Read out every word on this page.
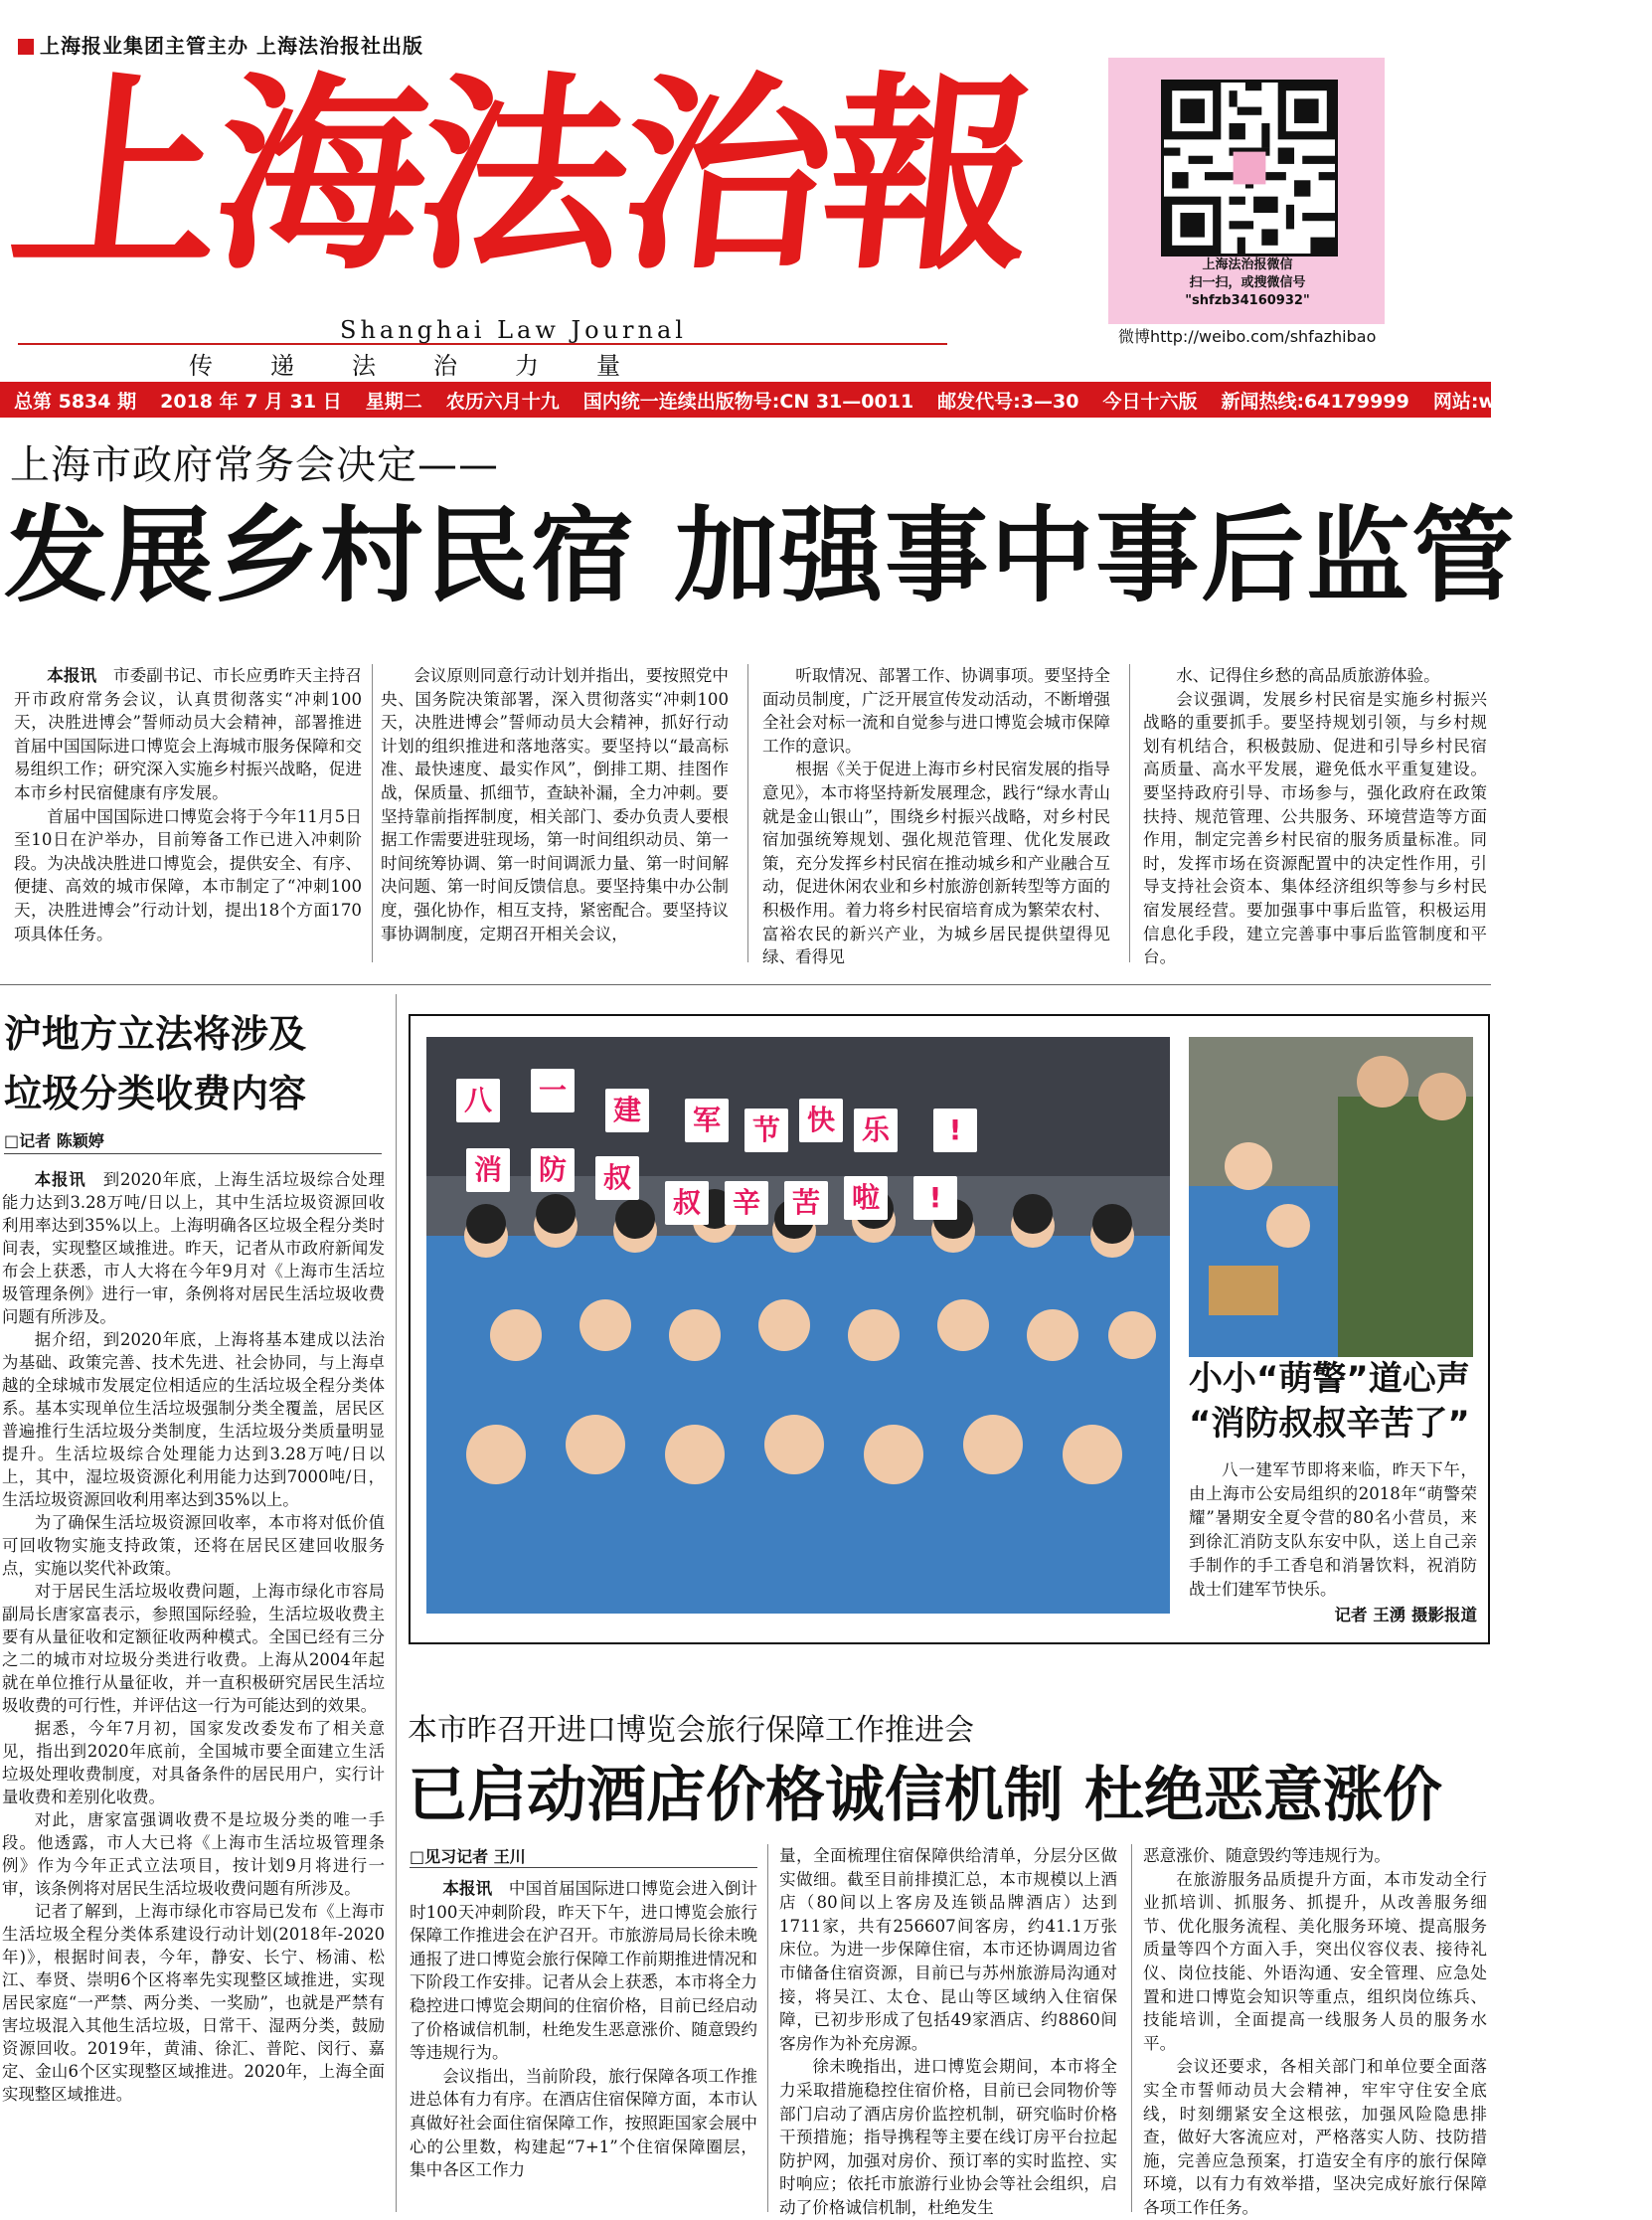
上海报业集团主管主办 上海法治报社出版
上海法治報
Shanghai Law Journal
传递法治力量
上海法治报微信
扫一扫，或搜微信号
"shfzb34160932"
微博http://weibo.com/shfazhibao
总第 5834 期 2018 年 7 月 31 日 星期二 农历六月十九 国内统一连续出版物号:CN 31—0011 邮发代号:3—30 今日十六版 新闻热线:64179999 网站:www.jfdaily.com
上海市政府常务会决定——
发展乡村民宿 加强事中事后监管

本报讯　 市委副书记、市长应勇昨天主持召开市政府常务会议，认真贯彻落实“冲刺100天，决胜进博会”誓师动员大会精神，部署推进首届中国国际进口博览会上海城市服务保障和交易组织工作；研究深入实施乡村振兴战略，促进本市乡村民宿健康有序发展。

首届中国国际进口博览会将于今年11月5日至10日在沪举办，目前筹备工作已进入冲刺阶段。为决战决胜进口博览会，提供安全、有序、便捷、高效的城市保障，本市制定了“冲刺100天，决胜进博会”行动计划，提出18个方面170项具体任务。

会议原则同意行动计划并指出，要按照党中央、国务院决策部署，深入贯彻落实“冲刺100天，决胜进博会”誓师动员大会精神，抓好行动计划的组织推进和落地落实。要坚持以“最高标准、最快速度、最实作风”，倒排工期、挂图作战，保质量、抓细节，查缺补漏，全力冲刺。要坚持靠前指挥制度，相关部门、委办负责人要根据工作需要进驻现场，第一时间组织动员、第一时间统筹协调、第一时间调派力量、第一时间解决问题、第一时间反馈信息。要坚持集中办公制度，强化协作，相互支持，紧密配合。要坚持议事协调制度，定期召开相关会议，

听取情况、部署工作、协调事项。要坚持全面动员制度，广泛开展宣传发动活动，不断增强全社会对标一流和自觉参与进口博览会城市保障工作的意识。

根据《关于促进上海市乡村民宿发展的指导意见》，本市将坚持新发展理念，践行“绿水青山就是金山银山”，围绕乡村振兴战略，对乡村民宿加强统筹规划、强化规范管理、优化发展政策，充分发挥乡村民宿在推动城乡和产业融合互动，促进休闲农业和乡村旅游创新转型等方面的积极作用。着力将乡村民宿培育成为繁荣农村、富裕农民的新兴产业，为城乡居民提供望得见绿、看得见

水、记得住乡愁的高品质旅游体验。

会议强调，发展乡村民宿是实施乡村振兴战略的重要抓手。要坚持规划引领，与乡村规划有机结合，积极鼓励、促进和引导乡村民宿高质量、高水平发展，避免低水平重复建设。要坚持政府引导、市场参与，强化政府在政策扶持、规范管理、公共服务、环境营造等方面作用，制定完善乡村民宿的服务质量标准。同时，发挥市场在资源配置中的决定性作用，引导支持社会资本、集体经济组织等参与乡村民宿发展经营。要加强事中事后监管，积极运用信息化手段，建立完善事中事后监管制度和平台。

沪地方立法将涉及
垃圾分类收费内容
□记者 陈颖婷

本报讯　 到2020年底，上海生活垃圾综合处理能力达到3.28万吨/日以上，其中生活垃圾资源回收利用率达到35%以上。上海明确各区垃圾全程分类时间表，实现整区域推进。昨天，记者从市政府新闻发布会上获悉，市人大将在今年9月对《上海市生活垃圾管理条例》进行一审，条例将对居民生活垃圾收费问题有所涉及。

据介绍，到2020年底，上海将基本建成以法治为基础、政策完善、技术先进、社会协同，与上海卓越的全球城市发展定位相适应的生活垃圾全程分类体系。基本实现单位生活垃圾强制分类全覆盖，居民区普遍推行生活垃圾分类制度，生活垃圾分类质量明显提升。生活垃圾综合处理能力达到3.28万吨/日以上，其中，湿垃圾资源化利用能力达到7000吨/日，生活垃圾资源回收利用率达到35%以上。

为了确保生活垃圾资源回收率，本市将对低价值可回收物实施支持政策，还将在居民区建回收服务点，实施以奖代补政策。

对于居民生活垃圾收费问题，上海市绿化市容局副局长唐家富表示，参照国际经验，生活垃圾收费主要有从量征收和定额征收两种模式。全国已经有三分之二的城市对垃圾分类进行收费。上海从2004年起就在单位推行从量征收，并一直积极研究居民生活垃圾收费的可行性，并评估这一行为可能达到的效果。

据悉，今年7月初，国家发改委发布了相关意见，指出到2020年底前，全国城市要全面建立生活垃圾处理收费制度，对具备条件的居民用户，实行计量收费和差别化收费。

对此，唐家富强调收费不是垃圾分类的唯一手段。他透露，市人大已将《上海市生活垃圾管理条例》作为今年正式立法项目，按计划9月将进行一审，该条例将对居民生活垃圾收费问题有所涉及。

记者了解到，上海市绿化市容局已发布《上海市生活垃圾全程分类体系建设行动计划(2018年-2020年)》，根据时间表，今年，静安、长宁、杨浦、松江、奉贤、崇明6个区将率先实现整区域推进，实现居民家庭“一严禁、两分类、一奖励”，也就是严禁有害垃圾混入其他生活垃圾，日常干、湿两分类，鼓励资源回收。2019年，黄浦、徐汇、普陀、闵行、嘉定、金山6个区实现整区域推进。2020年，上海全面实现整区域推进。

八 一
建 军 节 快 乐	!
消 防 叔
叔 辛 苦 啦	!
小小“萌警”道心声
“消防叔叔辛苦了”
八一建军节即将来临，昨天下午，由上海市公安局组织的2018年“萌警荣耀”暑期安全夏令营的80名小营员，来到徐汇消防支队东安中队，送上自己亲手制作的手工香皂和消暑饮料，祝消防战士们建军节快乐。
记者 王湧 摄影报道
本市昨召开进口博览会旅行保障工作推进会
已启动酒店价格诚信机制 杜绝恶意涨价
□见习记者 王川

本报讯　 中国首届国际进口博览会进入倒计时100天冲刺阶段，昨天下午，进口博览会旅行保障工作推进会在沪召开。市旅游局局长徐未晚通报了进口博览会旅行保障工作前期推进情况和下阶段工作安排。记者从会上获悉，本市将全力稳控进口博览会期间的住宿价格，目前已经启动了价格诚信机制，杜绝发生恶意涨价、随意毁约等违规行为。

会议指出，当前阶段，旅行保障各项工作推进总体有力有序。在酒店住宿保障方面，本市认真做好社会面住宿保障工作，按照距国家会展中心的公里数，构建起“7+1”个住宿保障圈层，集中各区工作力

量，全面梳理住宿保障供给清单，分层分区做实做细。截至目前排摸汇总，本市规模以上酒店（80间以上客房及连锁品牌酒店）达到1711家，共有256607间客房，约41.1万张床位。为进一步保障住宿，本市还协调周边省市储备住宿资源，目前已与苏州旅游局沟通对接，将吴江、太仓、昆山等区域纳入住宿保障，已初步形成了包括49家酒店、约8860间客房作为补充房源。

徐未晚指出，进口博览会期间，本市将全力采取措施稳控住宿价格，目前已会同物价等部门启动了酒店房价监控机制，研究临时价格干预措施；指导携程等主要在线订房平台拉起防护网，加强对房价、预订率的实时监控、实时响应；依托市旅游行业协会等社会组织，启动了价格诚信机制，杜绝发生

恶意涨价、随意毁约等违规行为。

在旅游服务品质提升方面，本市发动全行业抓培训、抓服务、抓提升，从改善服务细节、优化服务流程、美化服务环境、提高服务质量等四个方面入手，突出仪容仪表、接待礼仪、岗位技能、外语沟通、安全管理、应急处置和进口博览会知识等重点，组织岗位练兵、技能培训，全面提高一线服务人员的服务水平。

会议还要求，各相关部门和单位要全面落实全市誓师动员大会精神，牢牢守住安全底线，时刻绷紧安全这根弦，加强风险隐患排查，做好大客流应对，严格落实人防、技防措施，完善应急预案，打造安全有序的旅行保障环境，以有力有效举措，坚决完成好旅行保障各项工作任务。
